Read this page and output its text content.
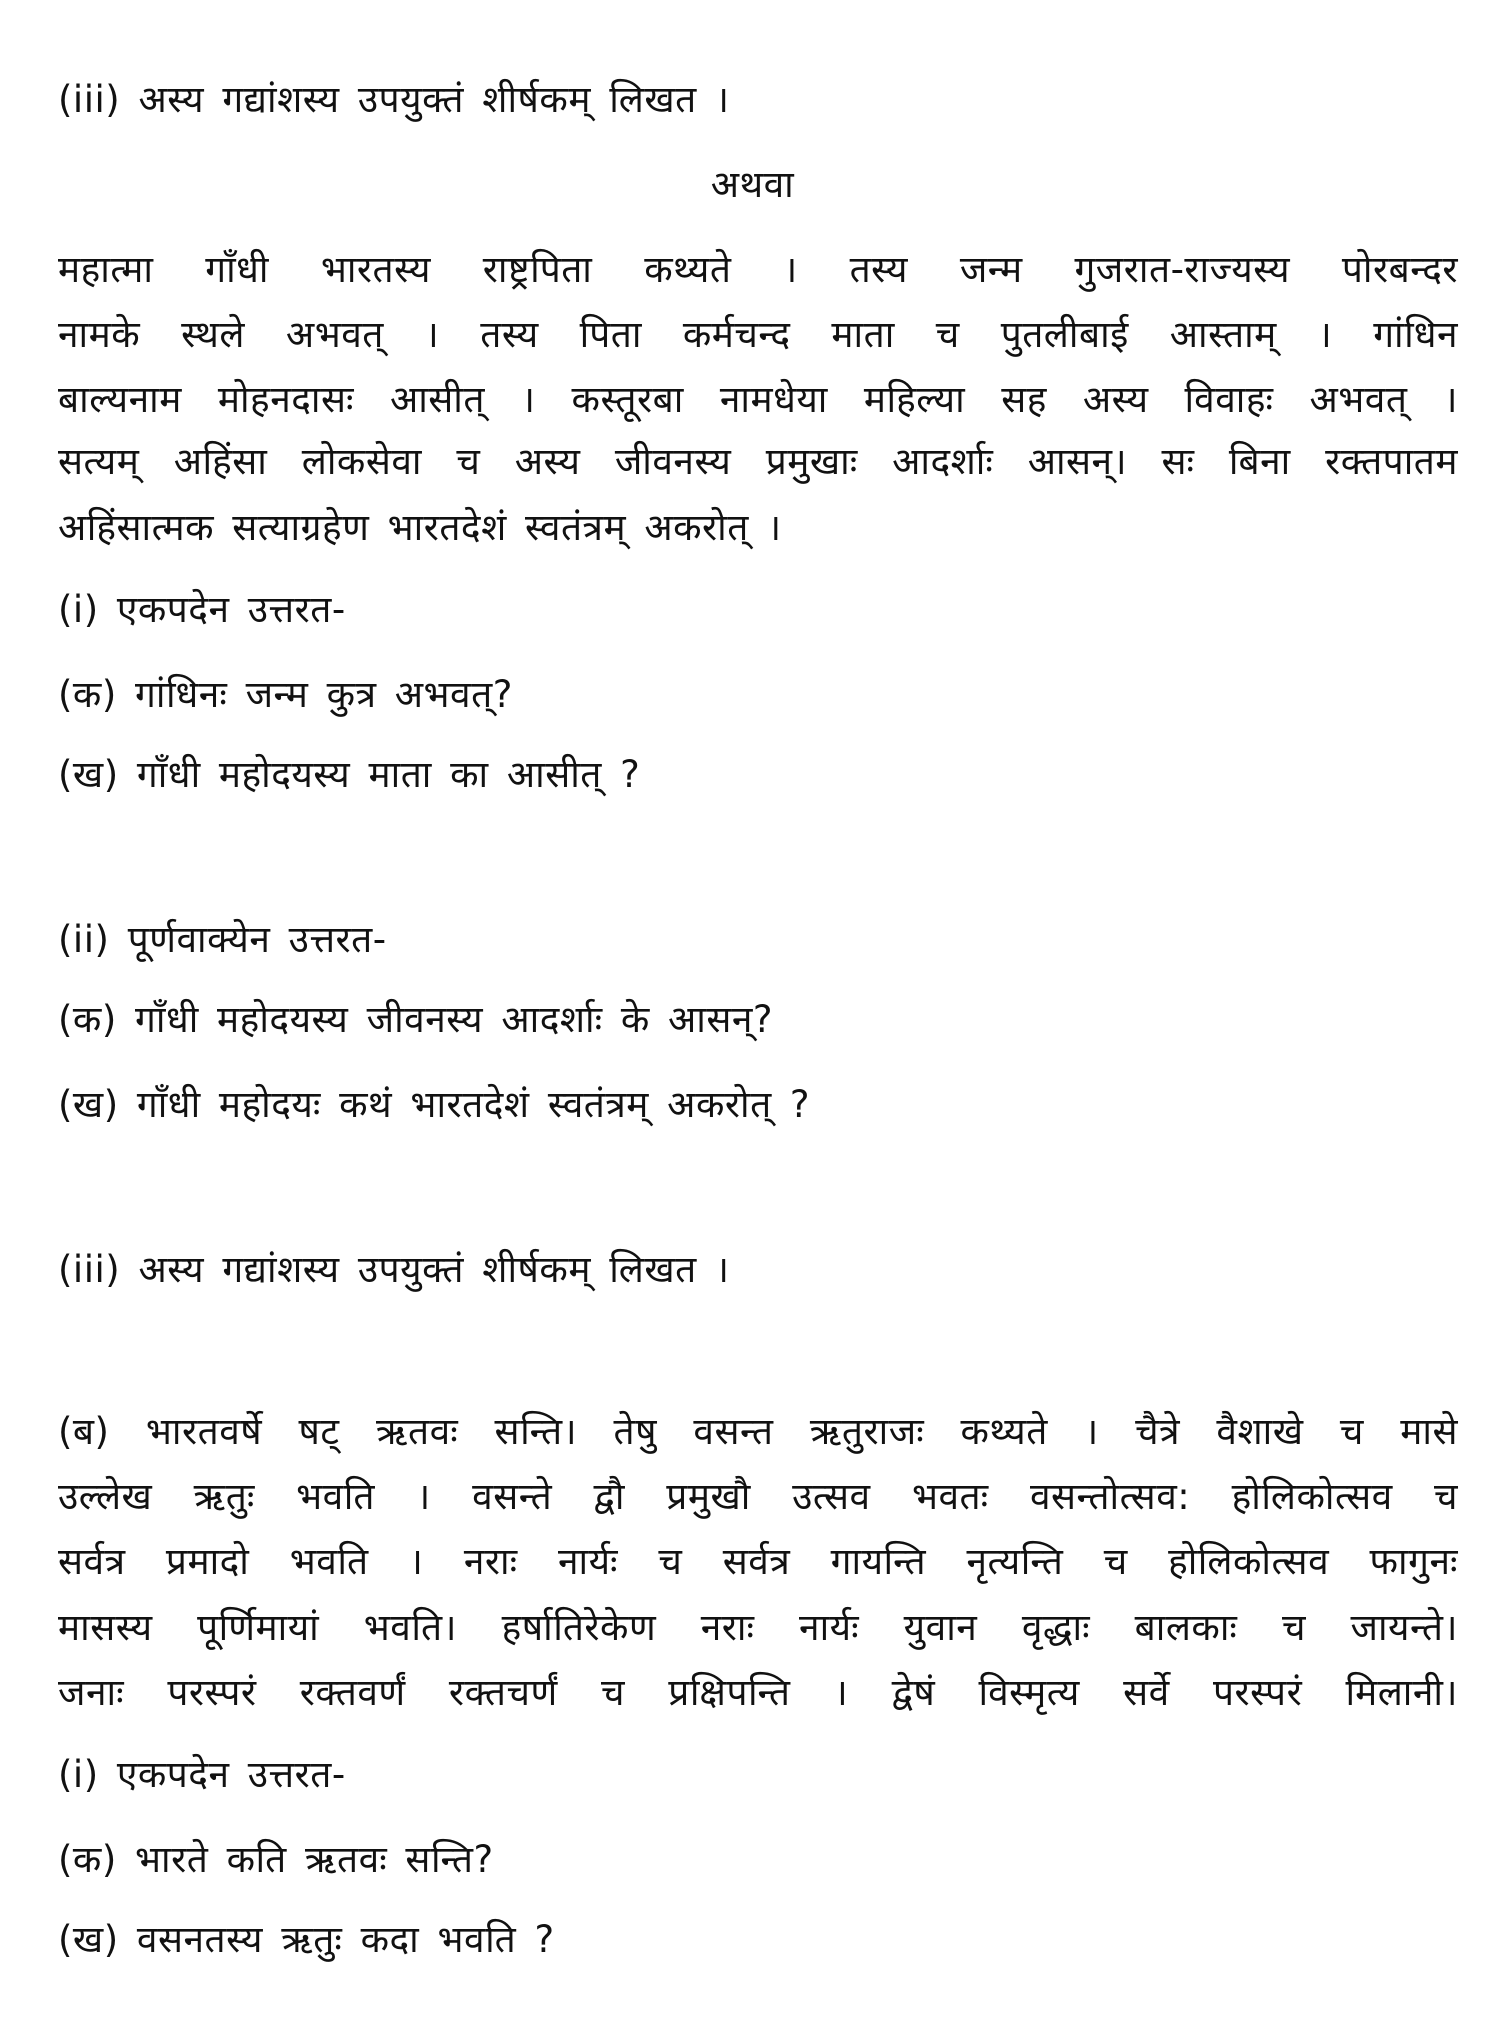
(iii) अस्य गद्यांशस्य उपयुक्तं शीर्षकम् लिखत ।
अथवा
महात्मा गाँधी भारतस्य राष्ट्रपिता कथ्यते । तस्य जन्म गुजरात-राज्यस्य पोरबन्दर
नामके स्थले अभवत् । तस्य पिता कर्मचन्द माता च पुतलीबाई आस्ताम् । गांधिन
बाल्यनाम मोहनदासः आसीत् । कस्तूरबा नामधेया महिल्या सह अस्य विवाहः अभवत् ।
सत्यम् अहिंसा लोकसेवा च अस्य जीवनस्य प्रमुखाः आदर्शाः आसन्। सः बिना रक्तपातम
अहिंसात्मक सत्याग्रहेण भारतदेशं स्वतंत्रम् अकरोत् ।
(i) एकपदेन उत्तरत-
(क) गांधिनः जन्म कुत्र अभवत्?
(ख) गाँधी महोदयस्य माता का आसीत् ?
(ii) पूर्णवाक्येन उत्तरत-
(क) गाँधी महोदयस्य जीवनस्य आदर्शाः के आसन्?
(ख) गाँधी महोदयः कथं भारतदेशं स्वतंत्रम् अकरोत् ?
(iii) अस्य गद्यांशस्य उपयुक्तं शीर्षकम् लिखत ।
(ब) भारतवर्षे षट् ऋतवः सन्ति। तेषु वसन्त ऋतुराजः कथ्यते । चैत्रे वैशाखे च मासे
उल्लेख ऋतुः भवति । वसन्ते द्वौ प्रमुखौ उत्सव भवतः वसन्तोत्सव: होलिकोत्सव च
सर्वत्र प्रमादो भवति । नराः नार्यः च सर्वत्र गायन्ति नृत्यन्ति च होलिकोत्सव फागुनः
मासस्य पूर्णिमायां भवति। हर्षातिरेकेण नराः नार्यः युवान वृद्धाः बालकाः च जायन्ते।
जनाः परस्परं रक्तवर्णं रक्तचर्णं च प्रक्षिपन्ति । द्वेषं विस्मृत्य सर्वे परस्परं मिलानी।
(i) एकपदेन उत्तरत-
(क) भारते कति ऋतवः सन्ति?
(ख) वसनतस्य ऋतुः कदा भवति ?
